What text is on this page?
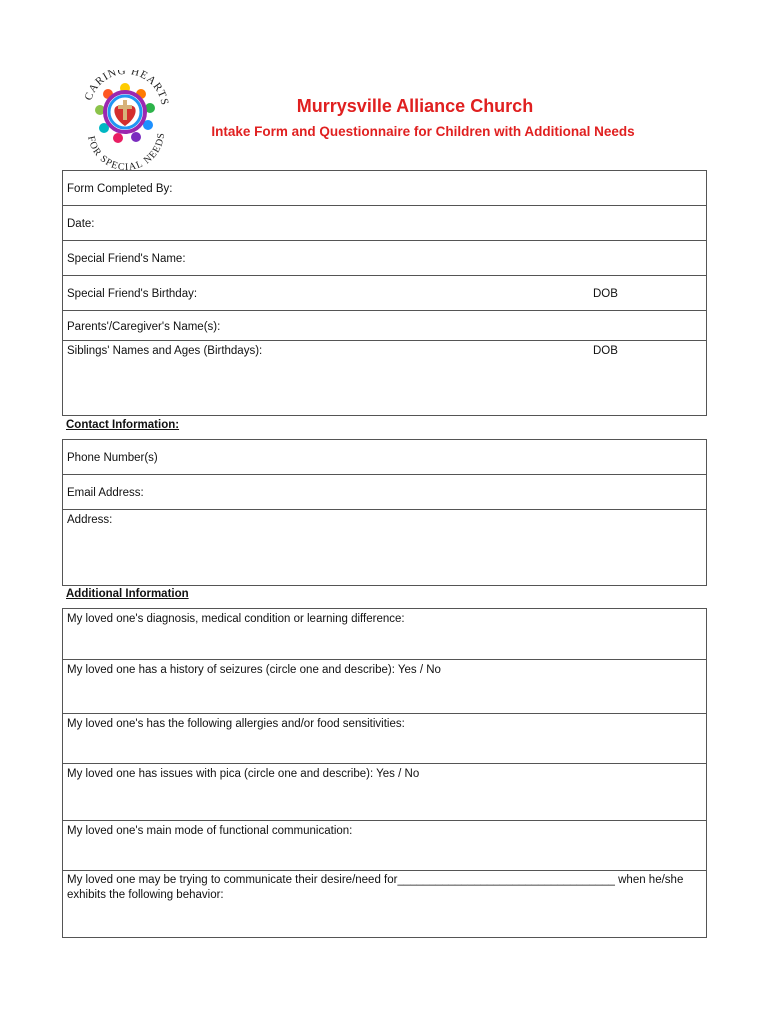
CARING HEARTS
FOR SPECIAL NEEDS
Murrysville Alliance Church
Intake Form and Questionnaire for Children with Additional Needs
Form Completed By:
Date:
Special Friend's Name:
Special Friend's Birthday:	DOB
Parents'/Caregiver's Name(s):
Siblings' Names and Ages (Birthdays):	DOB
Contact Information:
Phone Number(s)
Email Address:
Address:
Additional Information
My loved one's diagnosis, medical condition or learning difference:
My loved one has a history of seizures (circle one and describe): Yes / No
My loved one's has the following allergies and/or food sensitivities:
My loved one has issues with pica (circle one and describe): Yes / No
My loved one's main mode of functional communication:
My loved one may be trying to communicate their desire/need for__________________________________ when he/she exhibits the following behavior:
